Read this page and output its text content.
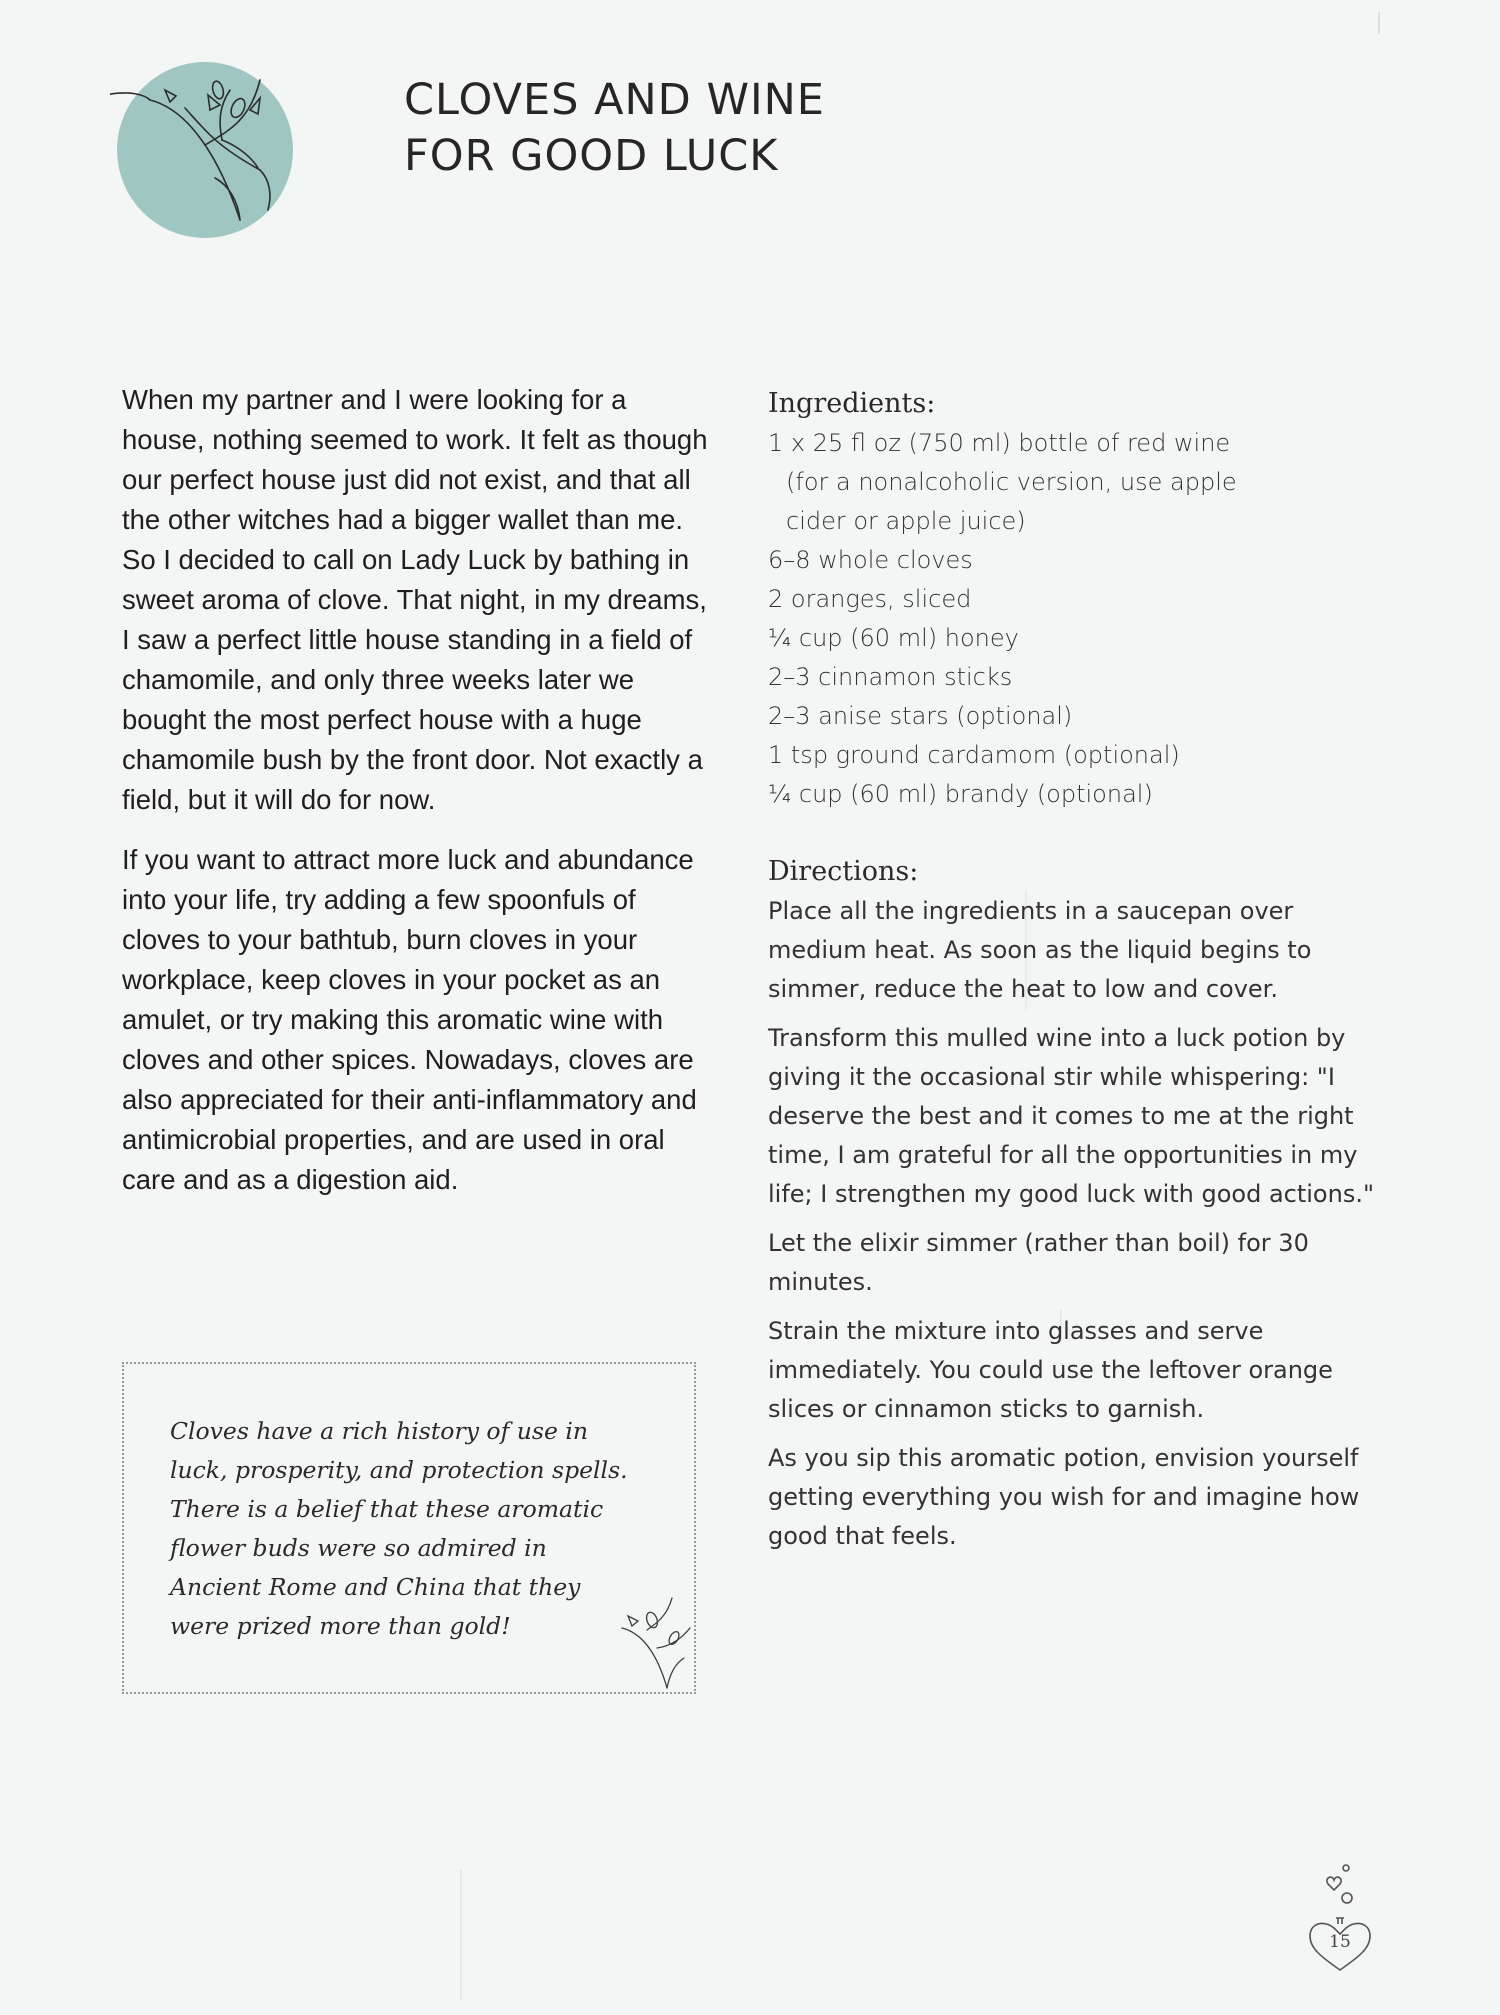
CLOVES AND WINE
FOR GOOD LUCK

When my partner and I were looking for a house, nothing seemed to work. It felt as though our perfect house just did not exist, and that all the other witches had a bigger wallet than me. So I decided to call on Lady Luck by bathing in sweet aroma of clove. That night, in my dreams, I saw a perfect little house standing in a field of chamomile, and only three weeks later we bought the most perfect house with a huge chamomile bush by the front door. Not exactly a field, but it will do for now.

If you want to attract more luck and abundance into your life, try adding a few spoonfuls of cloves to your bathtub, burn cloves in your workplace, keep cloves in your pocket as an amulet, or try making this aromatic wine with cloves and other spices. Nowadays, cloves are also appreciated for their anti-inflammatory and antimicrobial properties, and are used in oral care and as a digestion aid.

Cloves have a rich history of use in luck, prosperity, and protection spells. There is a belief that these aromatic flower buds were so admired in Ancient Rome and China that they were prized more than gold!

Ingredients:
1 x 25 fl oz (750 ml) bottle of red wine
(for a nonalcoholic version, use apple
cider or apple juice)
6–8 whole cloves
2 oranges, sliced
¼ cup (60 ml) honey
2–3 cinnamon sticks
2–3 anise stars (optional)
1 tsp ground cardamom (optional)
¼ cup (60 ml) brandy (optional)
Directions:

Place all the ingredients in a saucepan over medium heat. As soon as the liquid begins to simmer, reduce the heat to low and cover.

Transform this mulled wine into a luck potion by giving it the occasional stir while whispering: "I deserve the best and it comes to me at the right time, I am grateful for all the opportunities in my life; I strengthen my good luck with good actions."

Let the elixir simmer (rather than boil) for 30 minutes.

Strain the mixture into glasses and serve immediately. You could use the leftover orange slices or cinnamon sticks to garnish.

As you sip this aromatic potion, envision yourself getting everything you wish for and imagine how good that feels.

15
